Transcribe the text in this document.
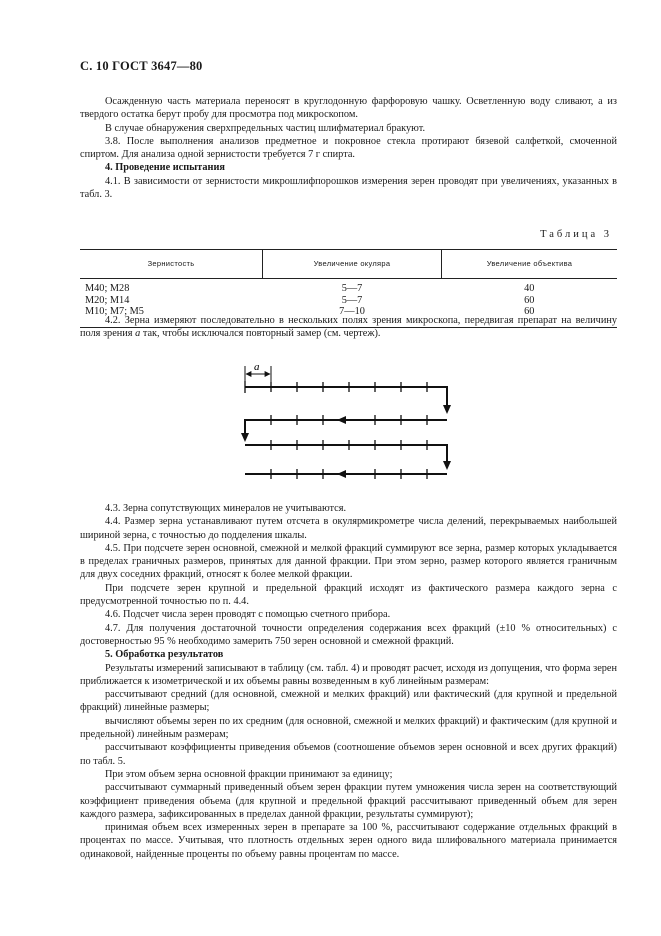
С. 10 ГОСТ 3647—80

Осажденную часть материала переносят в круглодонную фарфоровую чашку. Осветленную воду сливают, а из твердого остатка берут пробу для просмотра под микроскопом.

В случае обнаружения сверхпредельных частиц шлифматериал бракуют.

3.8. После выполнения анализов предметное и покровное стекла протирают бязевой салфеткой, смоченной спиртом. Для анализа одной зернистости требуется 7 г спирта.

4. Проведение испытания

4.1. В зависимости от зернистости микрошлифпорошков измерения зерен проводят при увеличениях, указанных в табл. 3.

Таблица 3
Зернистость	Увеличение окуляра	Увеличение объектива
М40; М28	5—7	40
М20; М14	5—7	60
М10; М7; М5	7—10	60

4.2. Зерна измеряют последовательно в нескольких полях зрения микроскопа, передвигая препарат на величину поля зрения а так, чтобы исключался повторный замер (см. чертеж).

а

4.3. Зерна сопутствующих минералов не учитываются.

4.4. Размер зерна устанавливают путем отсчета в окулярмикрометре числа делений, перекрываемых наибольшей шириной зерна, с точностью до подделения шкалы.

4.5. При подсчете зерен основной, смежной и мелкой фракций суммируют все зерна, размер которых укладывается в пределах граничных размеров, принятых для данной фракции. При этом зерно, размер которого является граничным для двух соседних фракций, относят к более мелкой фракции.

При подсчете зерен крупной и предельной фракций исходят из фактического размера каждого зерна с предусмотренной точностью по п. 4.4.

4.6. Подсчет числа зерен проводят с помощью счетного прибора.

4.7. Для получения достаточной точности определения содержания всех фракций (±10 % относительных) с достоверностью 95 % необходимо замерить 750 зерен основной и смежной фракций.

5. Обработка результатов

Результаты измерений записывают в таблицу (см. табл. 4) и проводят расчет, исходя из допущения, что форма зерен приближается к изометрической и их объемы равны возведенным в куб линейным размерам:

рассчитывают средний (для основной, смежной и мелких фракций) или фактический (для крупной и предельной фракций) линейные размеры;

вычисляют объемы зерен по их средним (для основной, смежной и мелких фракций) и фактическим (для крупной и предельной) линейным размерам;

рассчитывают коэффициенты приведения объемов (соотношение объемов зерен основной и всех других фракций) по табл. 5.

При этом объем зерна основной фракции принимают за единицу;

рассчитывают суммарный приведенный объем зерен фракции путем умножения числа зерен на соответствующий коэффициент приведения объема (для крупной и предельной фракций рассчитывают приведенный объем для зерен каждого размера, зафиксированных в пределах данной фракции, результаты суммируют);

принимая объем всех измеренных зерен в препарате за 100 %, рассчитывают содержание отдельных фракций в процентах по массе. Учитывая, что плотность отдельных зерен одного вида шлифовального материала принимается одинаковой, найденные проценты по объему равны процентам по массе.
